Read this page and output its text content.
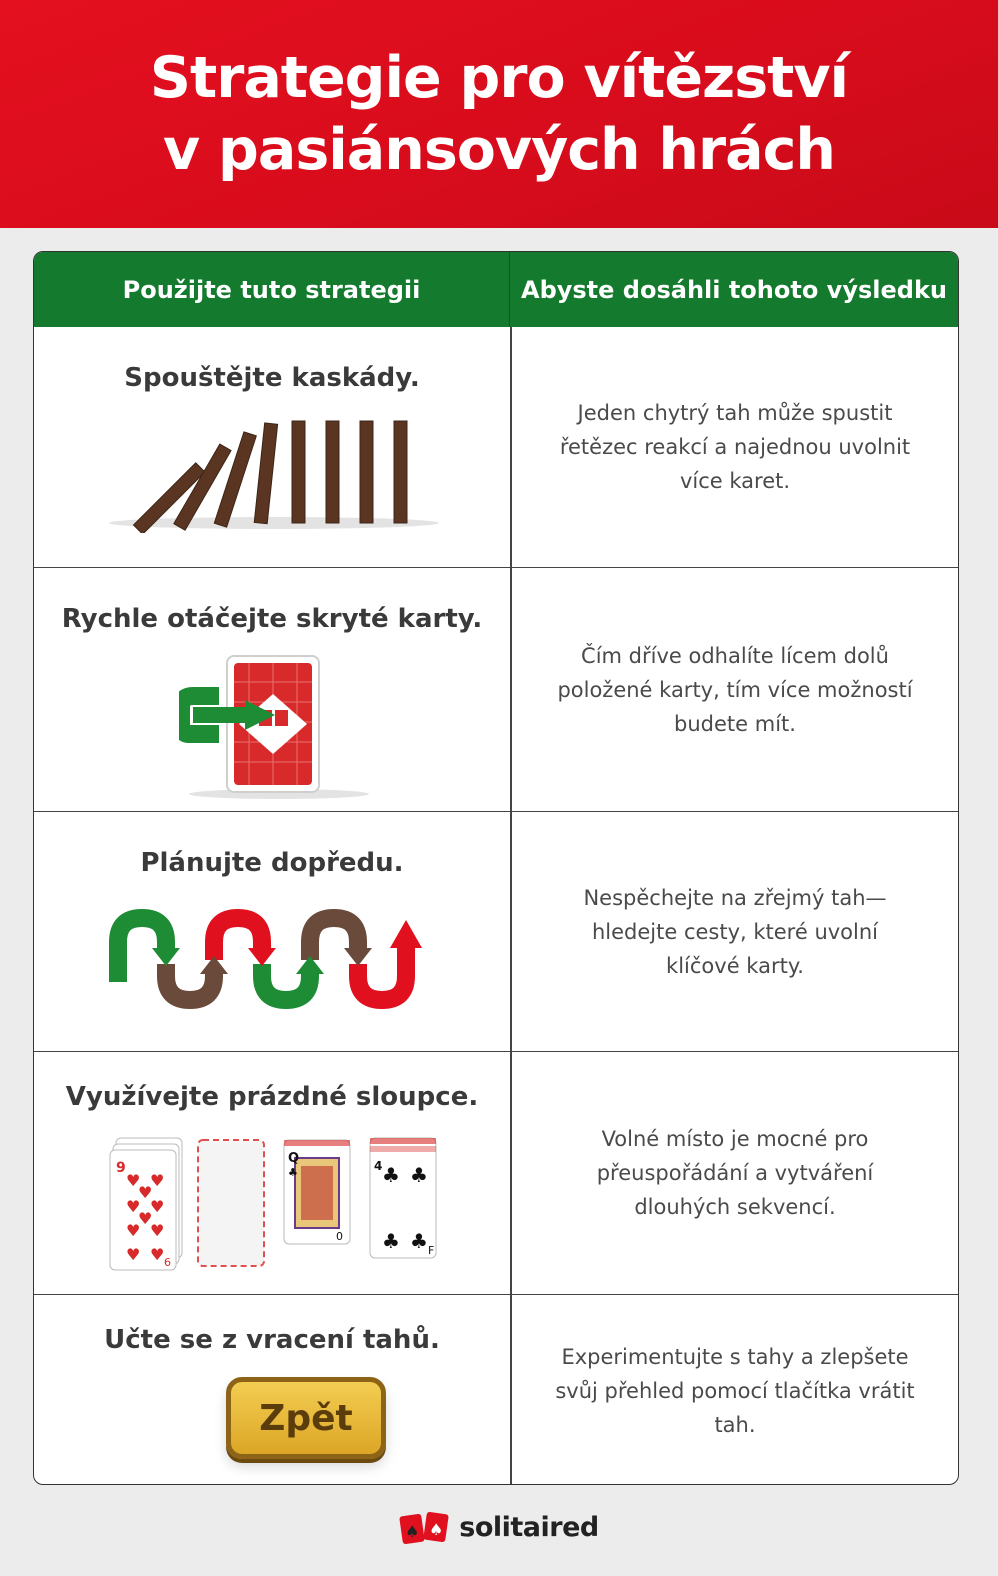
Strategie pro vítězství
v pasiánsových hrách
Použijte tuto strategii	Abyste dosáhli tohoto výsledku
Spouštějte kaskády.
Jeden chytrý tah může spustit řetězec reakcí a najednou uvolnit více karet.
Rychle otáčejte skryté karty.
Čím dříve odhalíte lícem dolů položené karty, tím více možností budete mít.
Plánujte dopředu.
Nespěchejte na zřejmý tah—hledejte cesty, které uvolní klíčové karty.
Využívejte prázdné sloupce.
9
♥ ♥
♥ ♥
♥ ♥
♥
♥
♥ ♥ 6
Q
♣
0
4 ♣ ♣
♣ ♣ F
Volné místo je mocné pro přeuspořádání a vytváření dlouhých sekvencí.
Učte se z vracení tahů.
Zpět
Experimentujte s tahy a zlepšete svůj přehled pomocí tlačítka vrátit tah.
♠ ♠ solitaired
